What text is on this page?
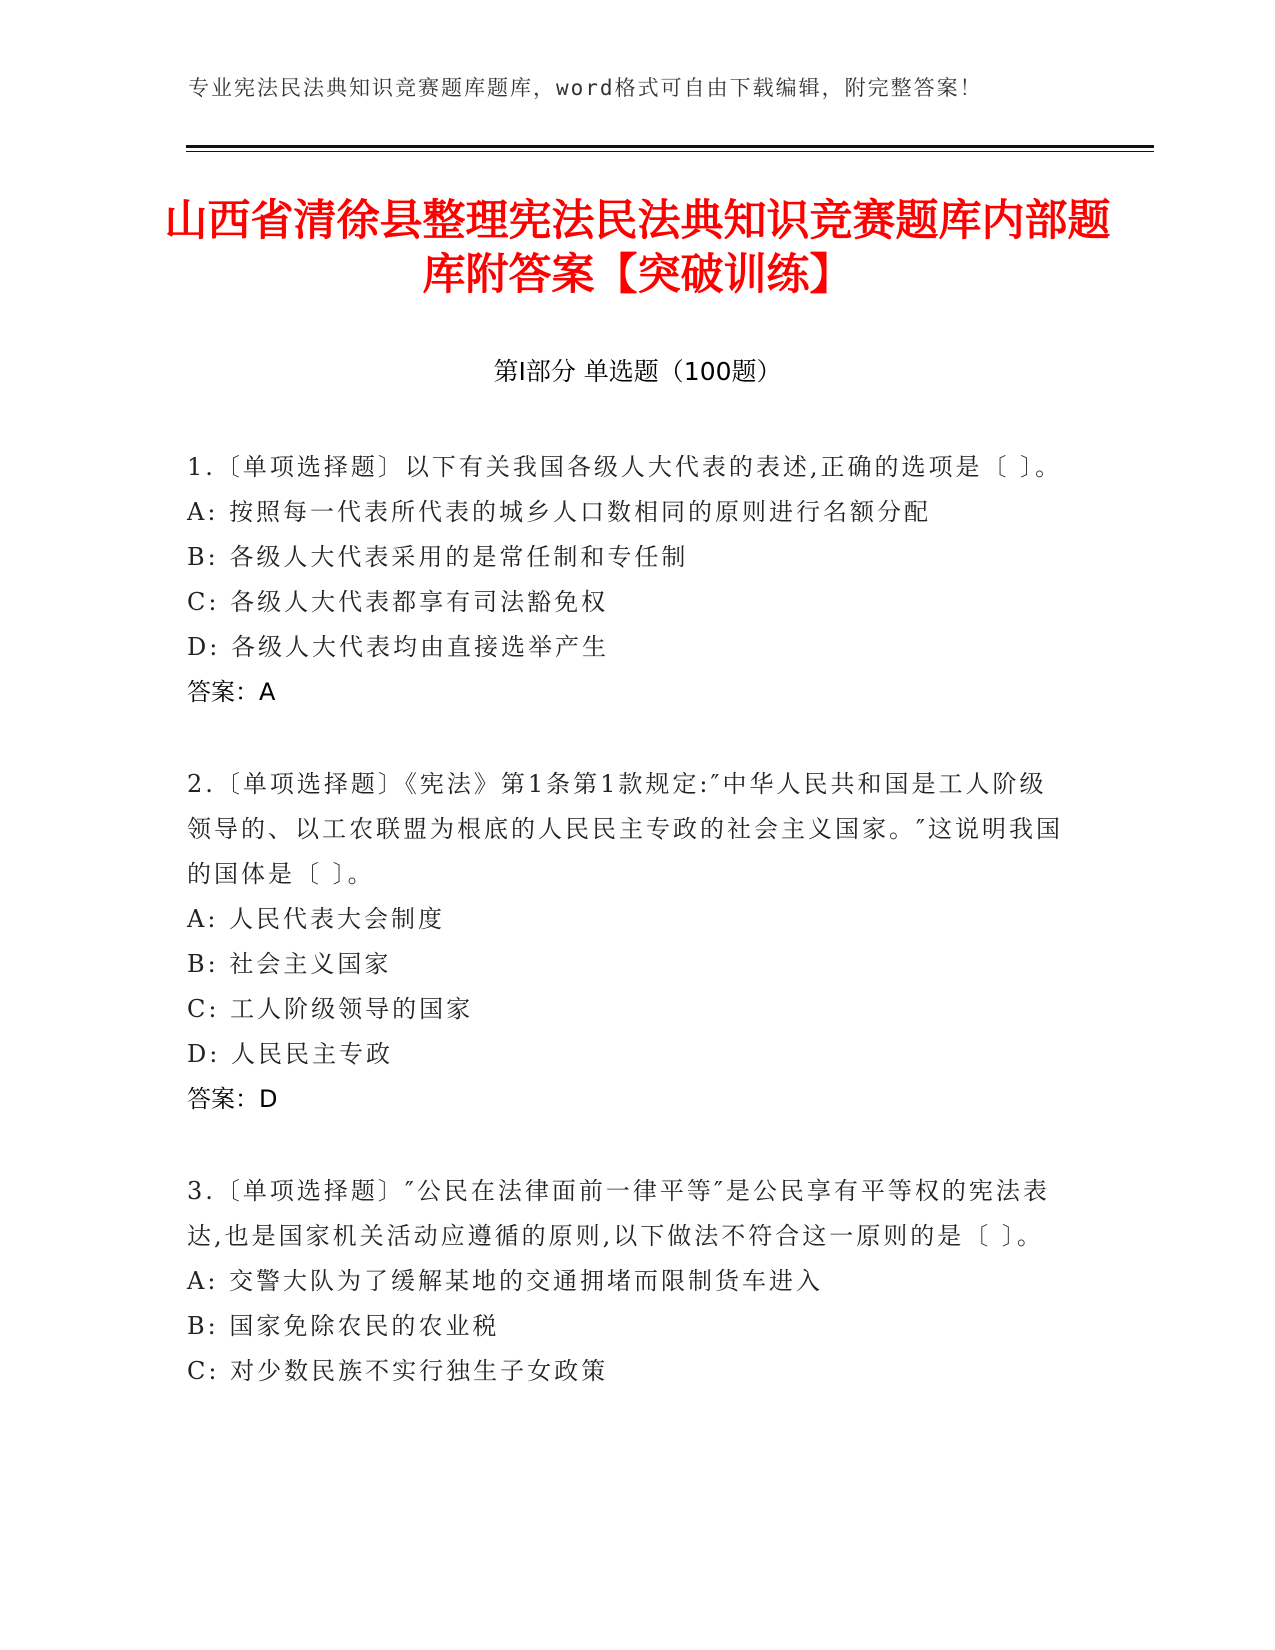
专业宪法民法典知识竞赛题库题库，word格式可自由下载编辑，附完整答案！
山西省清徐县整理宪法民法典知识竞赛题库内部题库附答案【突破训练】
第Ⅰ部分 单选题（100题）
1.〔单项选择题〕以下有关我国各级人大代表的表述,正确的选项是〔 〕。
A: 按照每一代表所代表的城乡人口数相同的原则进行名额分配
B: 各级人大代表采用的是常任制和专任制
C: 各级人大代表都享有司法豁免权
D: 各级人大代表均由直接选举产生
答案：A
2.〔单项选择题〕《宪法》第1条第1款规定:″中华人民共和国是工人阶级领导的、以工农联盟为根底的人民民主专政的社会主义国家。″这说明我国的国体是〔 〕。
A: 人民代表大会制度
B: 社会主义国家
C: 工人阶级领导的国家
D: 人民民主专政
答案：D
3.〔单项选择题〕″公民在法律面前一律平等″是公民享有平等权的宪法表达,也是国家机关活动应遵循的原则,以下做法不符合这一原则的是〔 〕。
A: 交警大队为了缓解某地的交通拥堵而限制货车进入
B: 国家免除农民的农业税
C: 对少数民族不实行独生子女政策
